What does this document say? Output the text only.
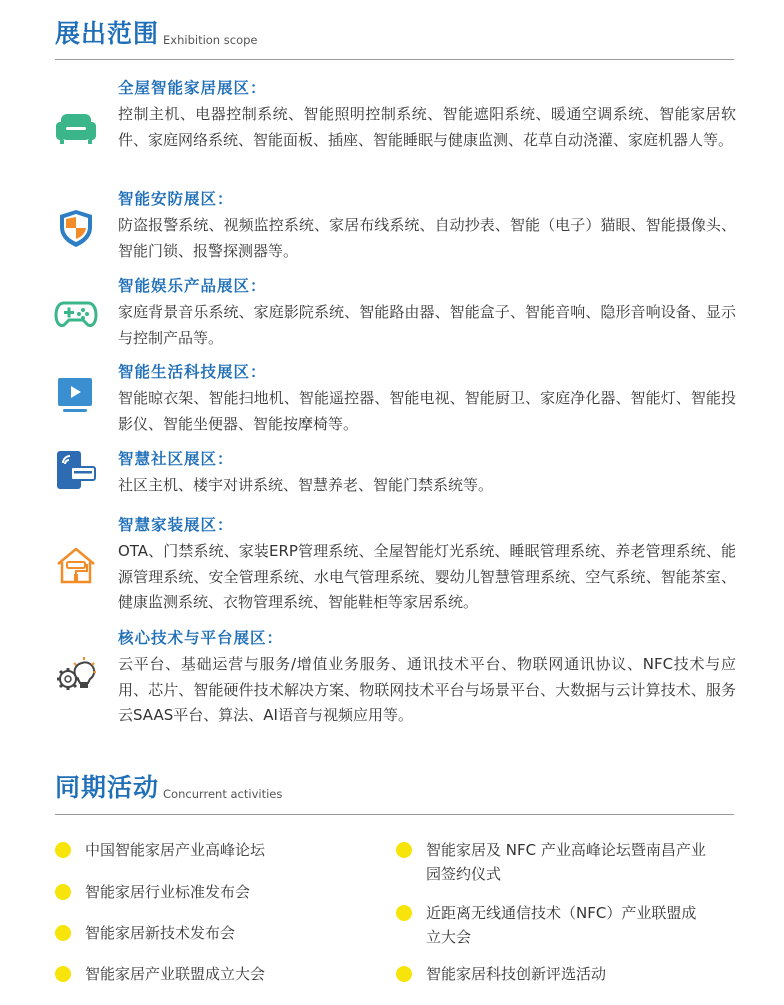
展出范围 Exhibition scope
全屋智能家居展区：
控制主机、电器控制系统、智能照明控制系统、智能遮阳系统、暖通空调系统、智能家居软件、家庭网络系统、智能面板、插座、智能睡眠与健康监测、花草自动浇灌、家庭机器人等。
智能安防展区：
防盗报警系统、视频监控系统、家居布线系统、自动抄表、智能（电子）猫眼、智能摄像头、智能门锁、报警探测器等。
智能娱乐产品展区：
家庭背景音乐系统、家庭影院系统、智能路由器、智能盒子、智能音响、隐形音响设备、显示与控制产品等。
智能生活科技展区：
智能晾衣架、智能扫地机、智能遥控器、智能电视、智能厨卫、家庭净化器、智能灯、智能投影仪、智能坐便器、智能按摩椅等。
智慧社区展区：
社区主机、楼宇对讲系统、智慧养老、智能门禁系统等。
智慧家装展区：
OTA、门禁系统、家装ERP管理系统、全屋智能灯光系统、睡眠管理系统、养老管理系统、能源管理系统、安全管理系统、水电气管理系统、婴幼儿智慧管理系统、空气系统、智能茶室、健康监测系统、衣物管理系统、智能鞋柜等家居系统。
核心技术与平台展区：
云平台、基础运营与服务/增值业务服务、通讯技术平台、物联网通讯协议、NFC技术与应用、芯片、智能硬件技术解决方案、物联网技术平台与场景平台、大数据与云计算技术、服务云SAAS平台、算法、AI语音与视频应用等。
同期活动 Concurrent activities
中国智能家居产业高峰论坛
智能家居行业标准发布会
智能家居新技术发布会
智能家居产业联盟成立大会
智能家居及 NFC 产业高峰论坛暨南昌产业园签约仪式
近距离无线通信技术（NFC）产业联盟成立大会
智能家居科技创新评选活动
